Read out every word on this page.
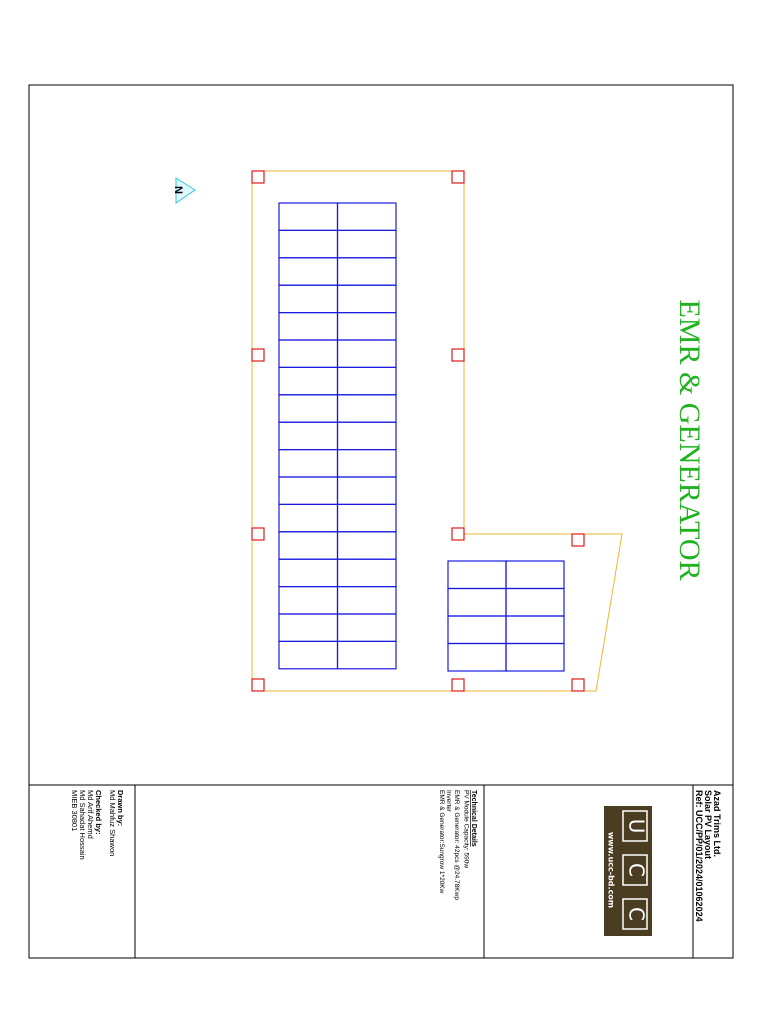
N
EMR & GENERATOR
Azad Trims Ltd.
Solar PV Layout
Ref: UCC/PP/01/2024/01062024
U
C
C
www.ucc-bd.com
Technical Details
PV Module Capacity: 590w
EMR & Generator: 42pcs @24.78Kwp
Inverter
EMR & Generator:Sungrow 1*20Kw
Drawn by:
Md Mahfuz Shawon
Checked by:
Md Arif Ahemd
Md Sahadat Hossain
MIEB 30801
